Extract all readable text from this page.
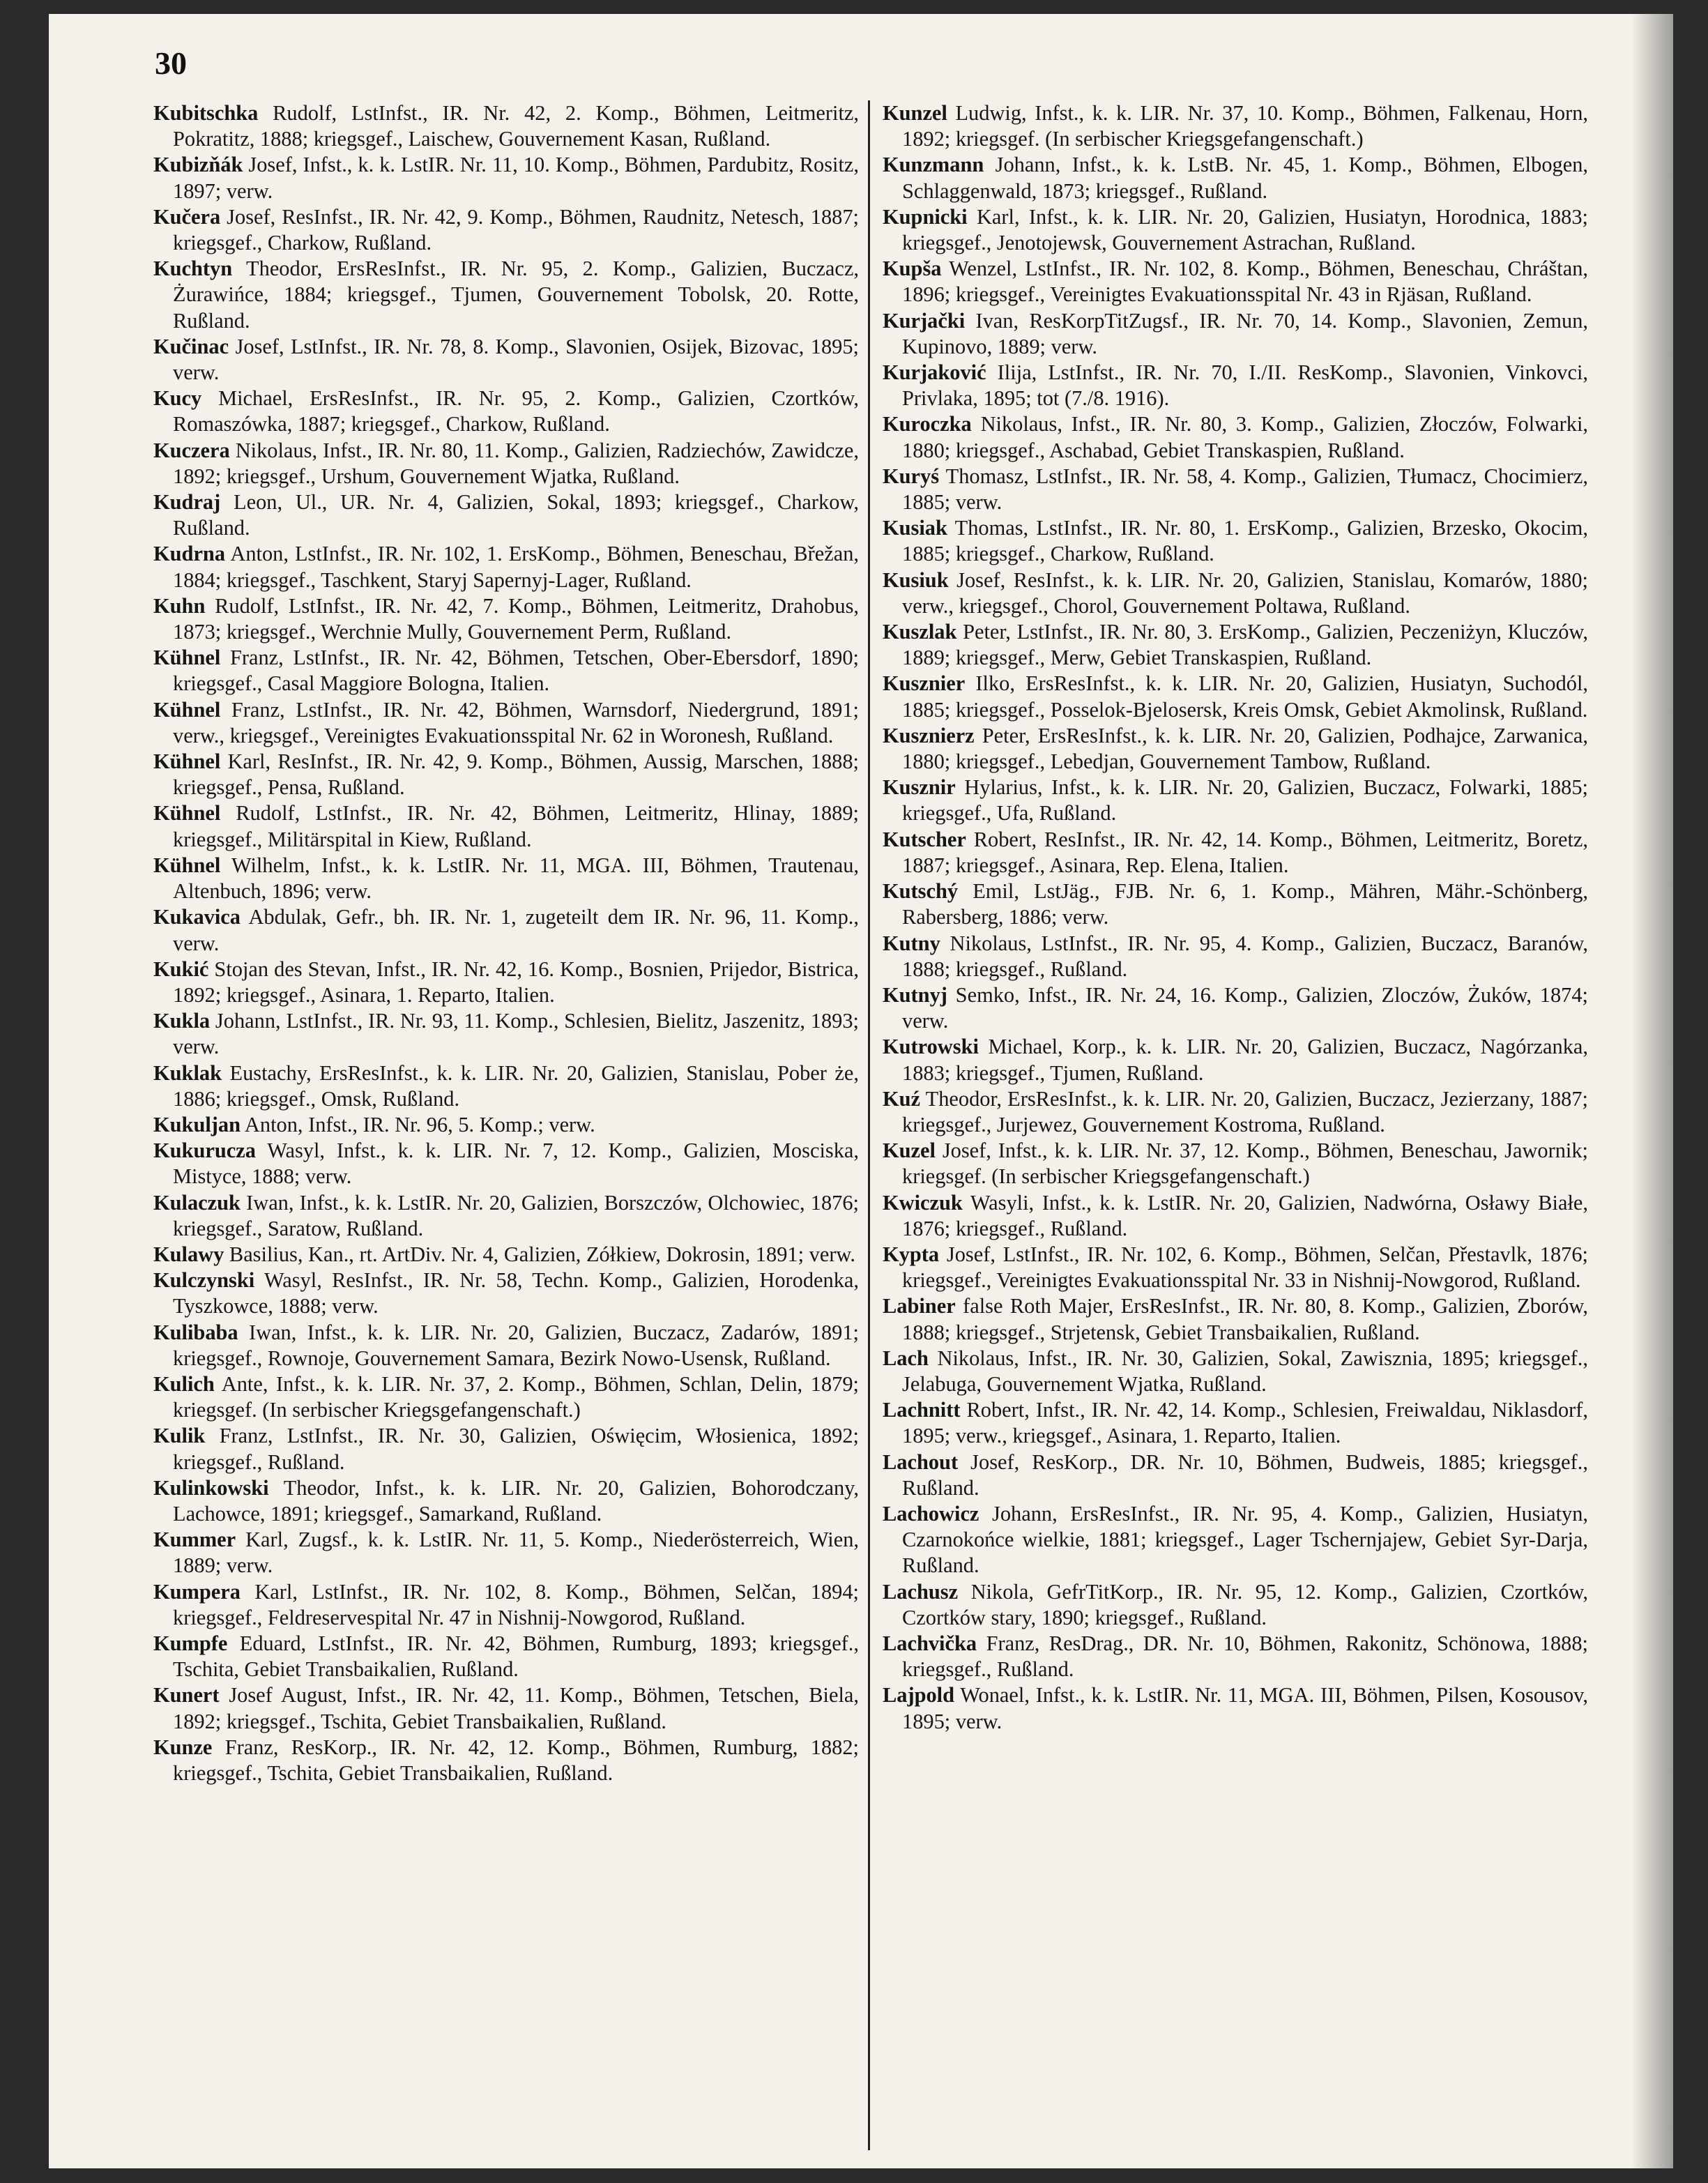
30
Kubitschka Rudolf, LstInfst., IR. Nr. 42, 2. Komp., Böhmen, Leitmeritz, Pokratitz, 1888; kriegsgef., Laischew, Gouvernement Kasan, Rußland.
Kubizňák Josef, Infst., k. k. LstIR. Nr. 11, 10. Komp., Böhmen, Pardubitz, Rositz, 1897; verw.
Kučera Josef, ResInfst., IR. Nr. 42, 9. Komp., Böhmen, Raudnitz, Netesch, 1887; kriegsgef., Charkow, Rußland.
Kuchtyn Theodor, ErsResInfst., IR. Nr. 95, 2. Komp., Galizien, Buczacz, Żurawińce, 1884; kriegsgef., Tjumen, Gouvernement Tobolsk, 20. Rotte, Rußland.
Kučinac Josef, LstInfst., IR. Nr. 78, 8. Komp., Slavonien, Osijek, Bizovac, 1895; verw.
Kucy Michael, ErsResInfst., IR. Nr. 95, 2. Komp., Galizien, Czortków, Romaszówka, 1887; kriegsgef., Charkow, Rußland.
Kuczera Nikolaus, Infst., IR. Nr. 80, 11. Komp., Galizien, Radziechów, Zawidcze, 1892; kriegsgef., Urshum, Gouvernement Wjatka, Rußland.
Kudraj Leon, Ul., UR. Nr. 4, Galizien, Sokal, 1893; kriegsgef., Charkow, Rußland.
Kudrna Anton, LstInfst., IR. Nr. 102, 1. ErsKomp., Böhmen, Beneschau, Břežan, 1884; kriegsgef., Taschkent, Staryj Sapernyj-Lager, Rußland.
Kuhn Rudolf, LstInfst., IR. Nr. 42, 7. Komp., Böhmen, Leitmeritz, Drahobus, 1873; kriegsgef., Werchnie Mully, Gouvernement Perm, Rußland.
Kühnel Franz, LstInfst., IR. Nr. 42, Böhmen, Tetschen, Ober-Ebersdorf, 1890; kriegsgef., Casal Maggiore Bologna, Italien.
Kühnel Franz, LstInfst., IR. Nr. 42, Böhmen, Warnsdorf, Niedergrund, 1891; verw., kriegsgef., Vereinigtes Evakuationsspital Nr. 62 in Woronesh, Rußland.
Kühnel Karl, ResInfst., IR. Nr. 42, 9. Komp., Böhmen, Aussig, Marschen, 1888; kriegsgef., Pensa, Rußland.
Kühnel Rudolf, LstInfst., IR. Nr. 42, Böhmen, Leitmeritz, Hlinay, 1889; kriegsgef., Militärspital in Kiew, Rußland.
Kühnel Wilhelm, Infst., k. k. LstIR. Nr. 11, MGA. III, Böhmen, Trautenau, Altenbuch, 1896; verw.
Kukavica Abdulak, Gefr., bh. IR. Nr. 1, zugeteilt dem IR. Nr. 96, 11. Komp., verw.
Kukić Stojan des Stevan, Infst., IR. Nr. 42, 16. Komp., Bosnien, Prijedor, Bistrica, 1892; kriegsgef., Asinara, 1. Reparto, Italien.
Kukla Johann, LstInfst., IR. Nr. 93, 11. Komp., Schlesien, Bielitz, Jaszenitz, 1893; verw.
Kuklak Eustachy, ErsResInfst., k. k. LIR. Nr. 20, Galizien, Stanislau, Pober że, 1886; kriegsgef., Omsk, Rußland.
Kukuljan Anton, Infst., IR. Nr. 96, 5. Komp.; verw.
Kukurucza Wasyl, Infst., k. k. LIR. Nr. 7, 12. Komp., Galizien, Mosciska, Mistyce, 1888; verw.
Kulaczuk Iwan, Infst., k. k. LstIR. Nr. 20, Galizien, Borszczów, Olchowiec, 1876; kriegsgef., Saratow, Rußland.
Kulawy Basilius, Kan., rt. ArtDiv. Nr. 4, Galizien, Zółkiew, Dokrosin, 1891; verw.
Kulczynski Wasyl, ResInfst., IR. Nr. 58, Techn. Komp., Galizien, Horodenka, Tyszkowce, 1888; verw.
Kulibaba Iwan, Infst., k. k. LIR. Nr. 20, Galizien, Buczacz, Zadarów, 1891; kriegsgef., Rownoje, Gouvernement Samara, Bezirk Nowo-Usensk, Rußland.
Kulich Ante, Infst., k. k. LIR. Nr. 37, 2. Komp., Böhmen, Schlan, Delin, 1879; kriegsgef. (In serbischer Kriegsgefangenschaft.)
Kulik Franz, LstInfst., IR. Nr. 30, Galizien, Oświęcim, Włosienica, 1892; kriegsgef., Rußland.
Kulinkowski Theodor, Infst., k. k. LIR. Nr. 20, Galizien, Bohorodczany, Lachowce, 1891; kriegsgef., Samarkand, Rußland.
Kummer Karl, Zugsf., k. k. LstIR. Nr. 11, 5. Komp., Niederösterreich, Wien, 1889; verw.
Kumpera Karl, LstInfst., IR. Nr. 102, 8. Komp., Böhmen, Selčan, 1894; kriegsgef., Feldreservespital Nr. 47 in Nishnij-Nowgorod, Rußland.
Kumpfe Eduard, LstInfst., IR. Nr. 42, Böhmen, Rumburg, 1893; kriegsgef., Tschita, Gebiet Transbaikalien, Rußland.
Kunert Josef August, Infst., IR. Nr. 42, 11. Komp., Böhmen, Tetschen, Biela, 1892; kriegsgef., Tschita, Gebiet Transbaikalien, Rußland.
Kunze Franz, ResKorp., IR. Nr. 42, 12. Komp., Böhmen, Rumburg, 1882; kriegsgef., Tschita, Gebiet Transbaikalien, Rußland.
Kunzel Ludwig, Infst., k. k. LIR. Nr. 37, 10. Komp., Böhmen, Falkenau, Horn, 1892; kriegsgef. (In serbischer Kriegsgefangenschaft.)
Kunzmann Johann, Infst., k. k. LstB. Nr. 45, 1. Komp., Böhmen, Elbogen, Schlaggenwald, 1873; kriegsgef., Rußland.
Kupnicki Karl, Infst., k. k. LIR. Nr. 20, Galizien, Husiatyn, Horodnica, 1883; kriegsgef., Jenotojewsk, Gouvernement Astrachan, Rußland.
Kupša Wenzel, LstInfst., IR. Nr. 102, 8. Komp., Böhmen, Beneschau, Chráštan, 1896; kriegsgef., Vereinigtes Evakuationsspital Nr. 43 in Rjäsan, Rußland.
Kurjački Ivan, ResKorpTitZugsf., IR. Nr. 70, 14. Komp., Slavonien, Zemun, Kupinovo, 1889; verw.
Kurjaković Ilija, LstInfst., IR. Nr. 70, I./II. ResKomp., Slavonien, Vinkovci, Privlaka, 1895; tot (7./8. 1916).
Kuroczka Nikolaus, Infst., IR. Nr. 80, 3. Komp., Galizien, Złoczów, Folwarki, 1880; kriegsgef., Aschabad, Gebiet Transkaspien, Rußland.
Kuryś Thomasz, LstInfst., IR. Nr. 58, 4. Komp., Galizien, Tłumacz, Chocimierz, 1885; verw.
Kusiak Thomas, LstInfst., IR. Nr. 80, 1. ErsKomp., Galizien, Brzesko, Okocim, 1885; kriegsgef., Charkow, Rußland.
Kusiuk Josef, ResInfst., k. k. LIR. Nr. 20, Galizien, Stanislau, Komarów, 1880; verw., kriegsgef., Chorol, Gouvernement Poltawa, Rußland.
Kuszlak Peter, LstInfst., IR. Nr. 80, 3. ErsKomp., Galizien, Peczeniżyn, Kluczów, 1889; kriegsgef., Merw, Gebiet Transkaspien, Rußland.
Kusznier Ilko, ErsResInfst., k. k. LIR. Nr. 20, Galizien, Husiatyn, Suchodól, 1885; kriegsgef., Posselok-Bjelosersk, Kreis Omsk, Gebiet Akmolinsk, Rußland.
Kusznierz Peter, ErsResInfst., k. k. LIR. Nr. 20, Galizien, Podhajce, Zarwanica, 1880; kriegsgef., Lebedjan, Gouvernement Tambow, Rußland.
Kusznir Hylarius, Infst., k. k. LIR. Nr. 20, Galizien, Buczacz, Folwarki, 1885; kriegsgef., Ufa, Rußland.
Kutscher Robert, ResInfst., IR. Nr. 42, 14. Komp., Böhmen, Leitmeritz, Boretz, 1887; kriegsgef., Asinara, Rep. Elena, Italien.
Kutschý Emil, LstJäg., FJB. Nr. 6, 1. Komp., Mähren, Mähr.-Schönberg, Rabersberg, 1886; verw.
Kutny Nikolaus, LstInfst., IR. Nr. 95, 4. Komp., Galizien, Buczacz, Baranów, 1888; kriegsgef., Rußland.
Kutnyj Semko, Infst., IR. Nr. 24, 16. Komp., Galizien, Zloczów, Żuków, 1874; verw.
Kutrowski Michael, Korp., k. k. LIR. Nr. 20, Galizien, Buczacz, Nagórzanka, 1883; kriegsgef., Tjumen, Rußland.
Kuź Theodor, ErsResInfst., k. k. LIR. Nr. 20, Galizien, Buczacz, Jezierzany, 1887; kriegsgef., Jurjewez, Gouvernement Kostroma, Rußland.
Kuzel Josef, Infst., k. k. LIR. Nr. 37, 12. Komp., Böhmen, Beneschau, Jawornik; kriegsgef. (In serbischer Kriegsgefangenschaft.)
Kwiczuk Wasyli, Infst., k. k. LstIR. Nr. 20, Galizien, Nadwórna, Osławy Białe, 1876; kriegsgef., Rußland.
Kypta Josef, LstInfst., IR. Nr. 102, 6. Komp., Böhmen, Selčan, Přestavlk, 1876; kriegsgef., Vereinigtes Evakuationsspital Nr. 33 in Nishnij-Nowgorod, Rußland.
Labiner false Roth Majer, ErsResInfst., IR. Nr. 80, 8. Komp., Galizien, Zborów, 1888; kriegsgef., Strjetensk, Gebiet Transbaikalien, Rußland.
Lach Nikolaus, Infst., IR. Nr. 30, Galizien, Sokal, Zawisznia, 1895; kriegsgef., Jelabuga, Gouvernement Wjatka, Rußland.
Lachnitt Robert, Infst., IR. Nr. 42, 14. Komp., Schlesien, Freiwaldau, Niklasdorf, 1895; verw., kriegsgef., Asinara, 1. Reparto, Italien.
Lachout Josef, ResKorp., DR. Nr. 10, Böhmen, Budweis, 1885; kriegsgef., Rußland.
Lachowicz Johann, ErsResInfst., IR. Nr. 95, 4. Komp., Galizien, Husiatyn, Czarnokońce wielkie, 1881; kriegsgef., Lager Tschernjajew, Gebiet Syr-Darja, Rußland.
Lachusz Nikola, GefrTitKorp., IR. Nr. 95, 12. Komp., Galizien, Czortków, Czortków stary, 1890; kriegsgef., Rußland.
Lachvička Franz, ResDrag., DR. Nr. 10, Böhmen, Rakonitz, Schönowa, 1888; kriegsgef., Rußland.
Lajpold Wonael, Infst., k. k. LstIR. Nr. 11, MGA. III, Böhmen, Pilsen, Kosousov, 1895; verw.
